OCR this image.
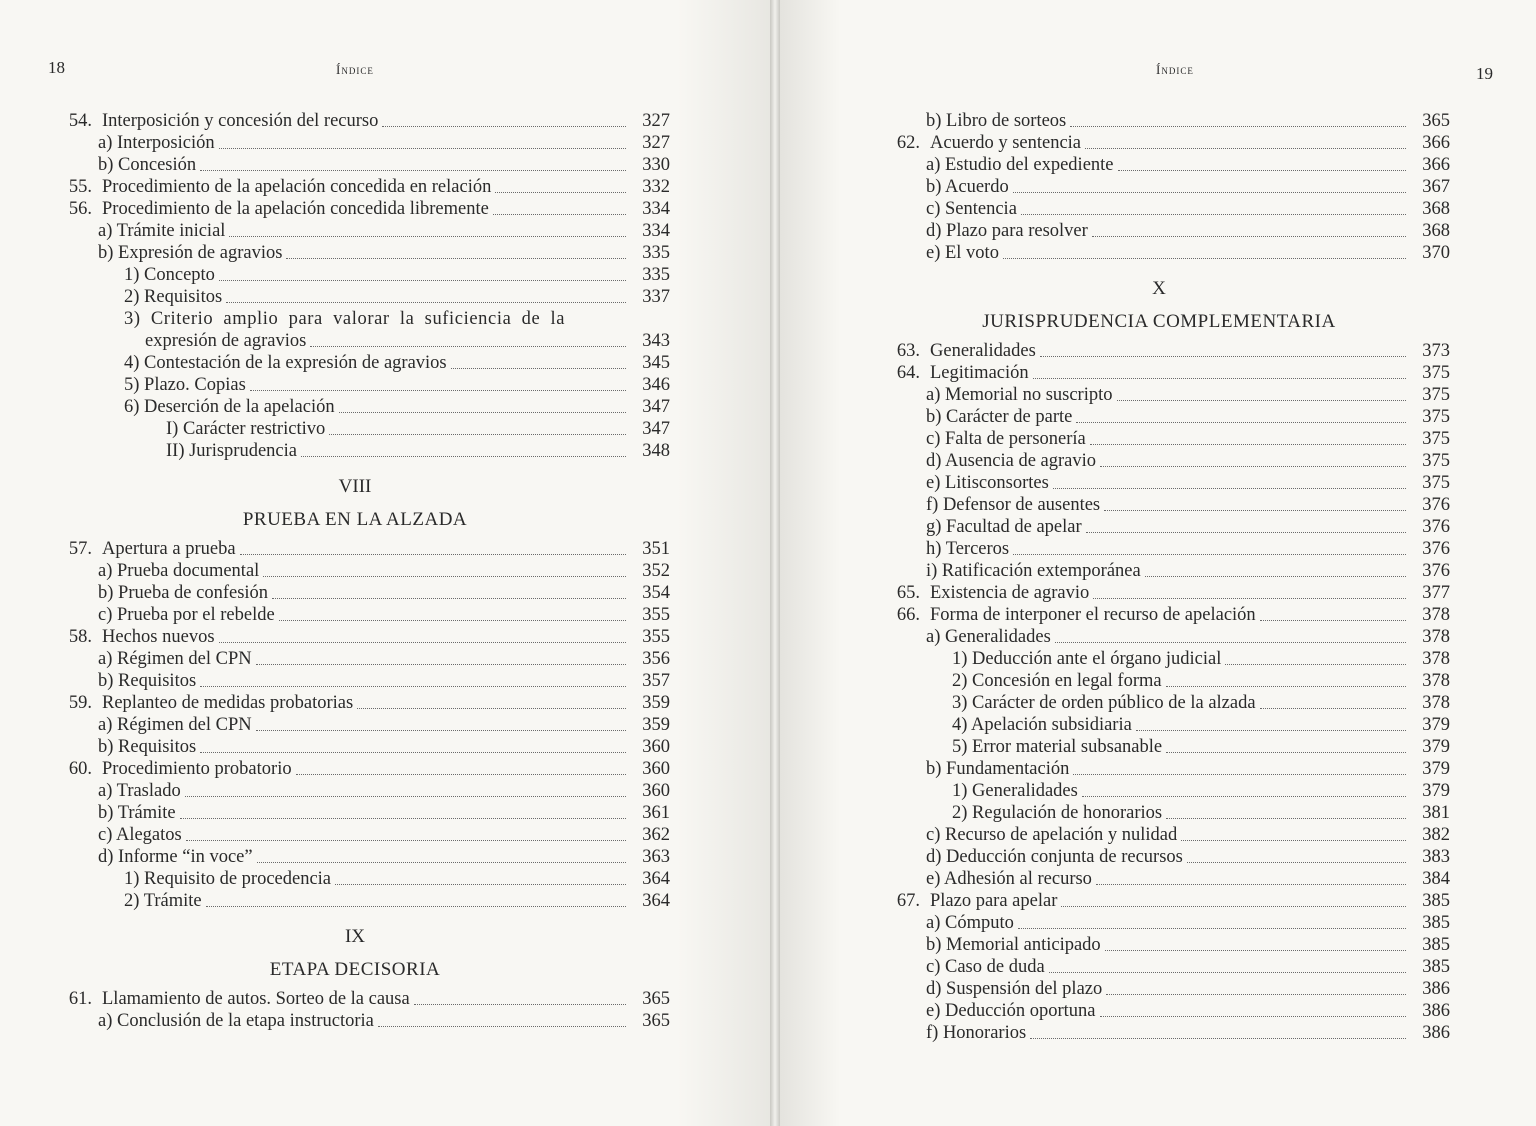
18	Índice
54. Interposición y concesión del recurso	327
a) Interposición	327
b) Concesión	330
55. Procedimiento de la apelación concedida en relación	332
56. Procedimiento de la apelación concedida libremente	334
a) Trámite inicial	334
b) Expresión de agravios	335
1) Concepto	335
2) Requisitos	337
3) Criterio amplio para valorar la suficiencia de la
expresión de agravios	343
4) Contestación de la expresión de agravios	345
5) Plazo. Copias	346
6) Deserción de la apelación	347
I) Carácter restrictivo	347
II) Jurisprudencia	348
VIII
PRUEBA EN LA ALZADA
57. Apertura a prueba	351
a) Prueba documental	352
b) Prueba de confesión	354
c) Prueba por el rebelde	355
58. Hechos nuevos	355
a) Régimen del CPN	356
b) Requisitos	357
59. Replanteo de medidas probatorias	359
a) Régimen del CPN	359
b) Requisitos	360
60. Procedimiento probatorio	360
a) Traslado	360
b) Trámite	361
c) Alegatos	362
d) Informe “in voce”	363
1) Requisito de procedencia	364
2) Trámite	364
IX
ETAPA DECISORIA
61. Llamamiento de autos. Sorteo de la causa	365
a) Conclusión de la etapa instructoria	365
Índice	19
b) Libro de sorteos	365
62. Acuerdo y sentencia	366
a) Estudio del expediente	366
b) Acuerdo	367
c) Sentencia	368
d) Plazo para resolver	368
e) El voto	370
X
JURISPRUDENCIA COMPLEMENTARIA
63. Generalidades	373
64. Legitimación	375
a) Memorial no suscripto	375
b) Carácter de parte	375
c) Falta de personería	375
d) Ausencia de agravio	375
e) Litisconsortes	375
f) Defensor de ausentes	376
g) Facultad de apelar	376
h) Terceros	376
i) Ratificación extemporánea	376
65. Existencia de agravio	377
66. Forma de interponer el recurso de apelación	378
a) Generalidades	378
1) Deducción ante el órgano judicial	378
2) Concesión en legal forma	378
3) Carácter de orden público de la alzada	378
4) Apelación subsidiaria	379
5) Error material subsanable	379
b) Fundamentación	379
1) Generalidades	379
2) Regulación de honorarios	381
c) Recurso de apelación y nulidad	382
d) Deducción conjunta de recursos	383
e) Adhesión al recurso	384
67. Plazo para apelar	385
a) Cómputo	385
b) Memorial anticipado	385
c) Caso de duda	385
d) Suspensión del plazo	386
e) Deducción oportuna	386
f) Honorarios	386
